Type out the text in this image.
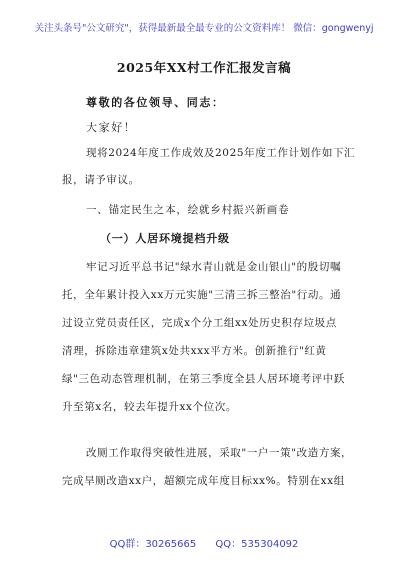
关注头条号"公文研究"，获得最新最全最专业的公文资料库！ 微信：gongwenyj
2025年XX村工作汇报发言稿
尊敬的各位领导、同志：
大家好！
现将2024年度工作成效及2025年度工作计划作如下汇
报，请予审议。
一、锚定民生之本，绘就乡村振兴新画卷
（一）人居环境提档升级
牢记习近平总书记"绿水青山就是金山银山"的殷切嘱
托，全年累计投入xx万元实施"三清三拆三整治"行动。通
过设立党员责任区，完成x个分工组xx处历史积存垃圾点
清理，拆除违章建筑x处共xxx平方米。创新推行"红黄
绿"三色动态管理机制，在第三季度全县人居环境考评中跃
升至第x名，较去年提升xx个位次。
改厕工作取得突破性进展，采取"一户一策"改造方案，
完成旱厕改造xx户，超额完成年度目标xx%。特别在xx组
QQ群：30265665 QQ：535304092
